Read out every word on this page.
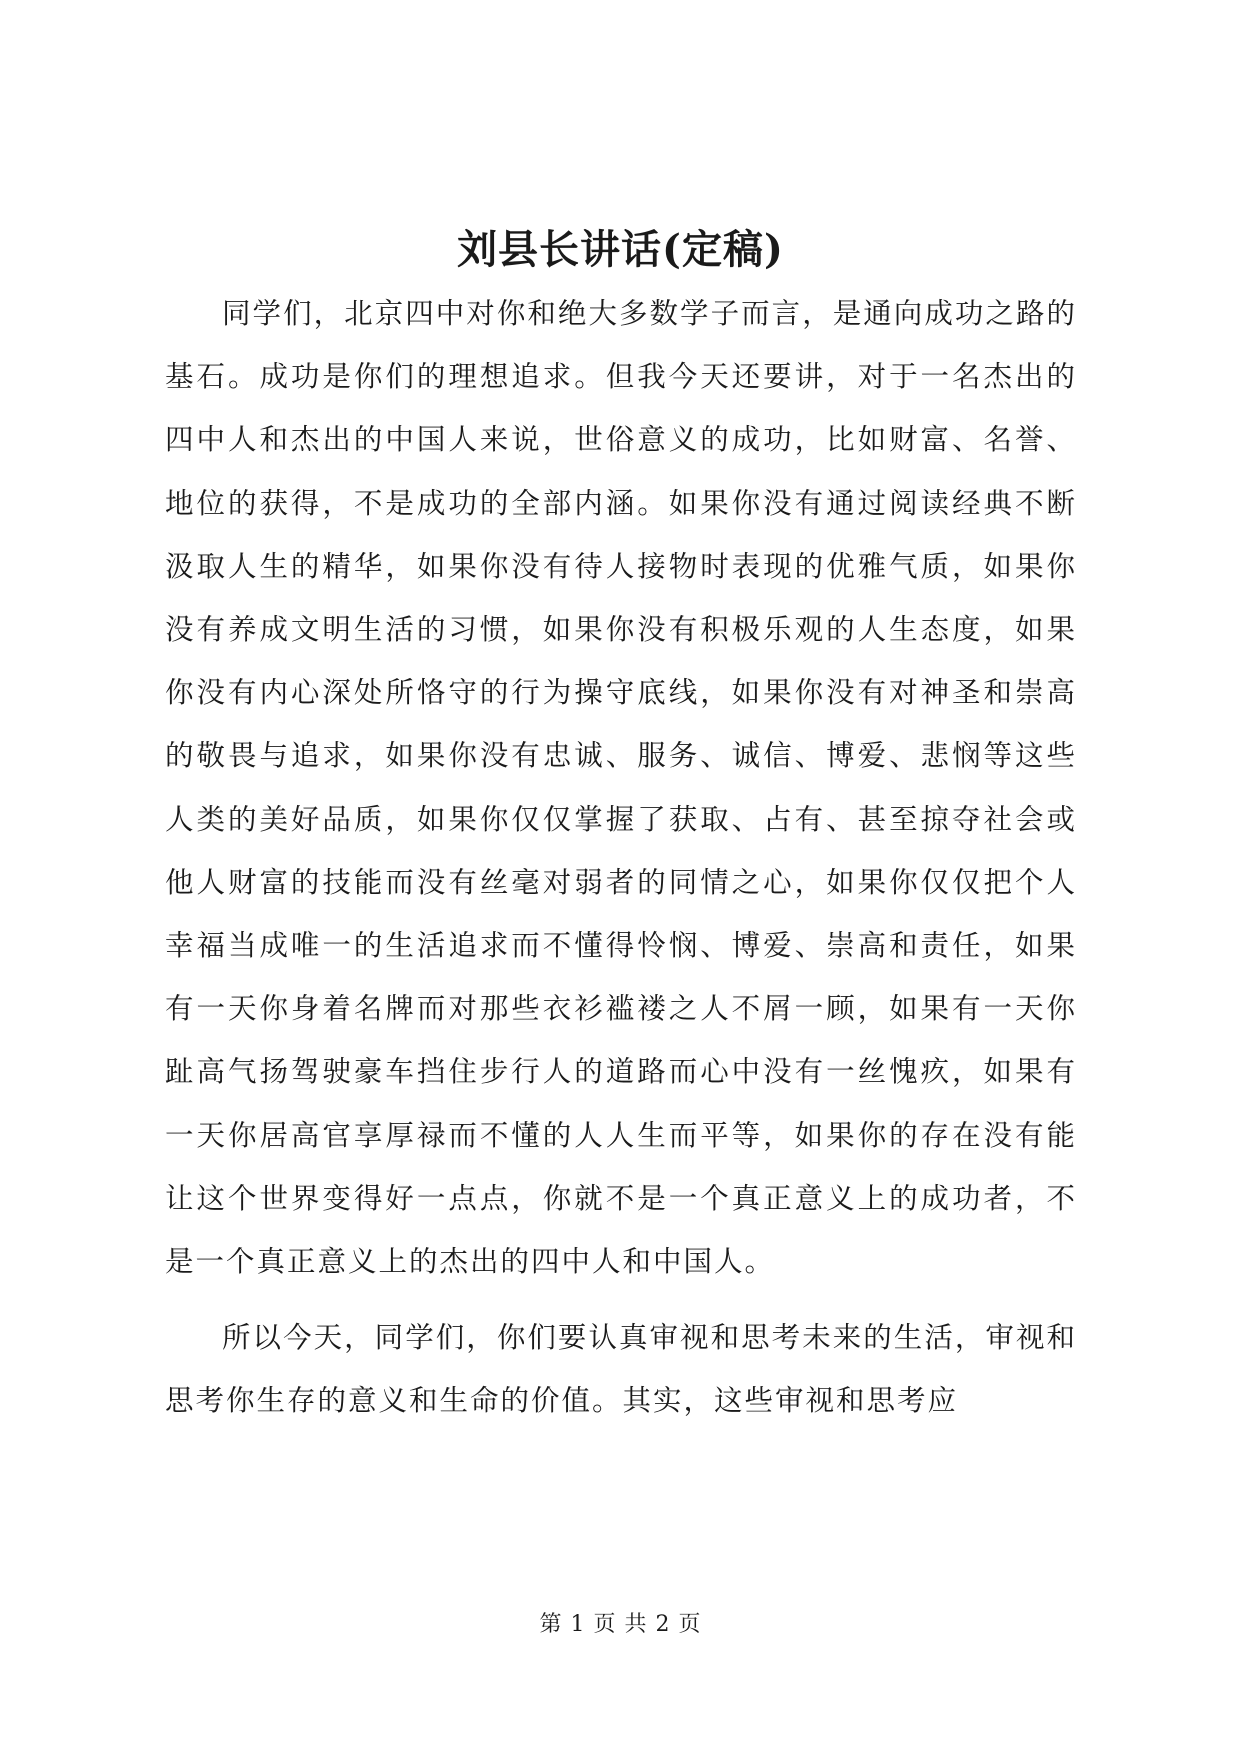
刘县长讲话(定稿)

同学们，北京四中对你和绝大多数学子而言，是通向成功之路的基石。成功是你们的理想追求。但我今天还要讲，对于一名杰出的四中人和杰出的中国人来说，世俗意义的成功，比如财富、名誉、地位的获得，不是成功的全部内涵。如果你没有通过阅读经典不断汲取人生的精华，如果你没有待人接物时表现的优雅气质，如果你没有养成文明生活的习惯，如果你没有积极乐观的人生态度，如果你没有内心深处所恪守的行为操守底线，如果你没有对神圣和崇高的敬畏与追求，如果你没有忠诚、服务、诚信、博爱、悲悯等这些人类的美好品质，如果你仅仅掌握了获取、占有、甚至掠夺社会或他人财富的技能而没有丝毫对弱者的同情之心，如果你仅仅把个人幸福当成唯一的生活追求而不懂得怜悯、博爱、崇高和责任，如果有一天你身着名牌而对那些衣衫褴褛之人不屑一顾，如果有一天你趾高气扬驾驶豪车挡住步行人的道路而心中没有一丝愧疚，如果有一天你居高官享厚禄而不懂的人人生而平等，如果你的存在没有能让这个世界变得好一点点，你就不是一个真正意义上的成功者，不是一个真正意义上的杰出的四中人和中国人。

所以今天，同学们，你们要认真审视和思考未来的生活，审视和思考你生存的意义和生命的价值。其实，这些审视和思考应

第 1 页 共 2 页
